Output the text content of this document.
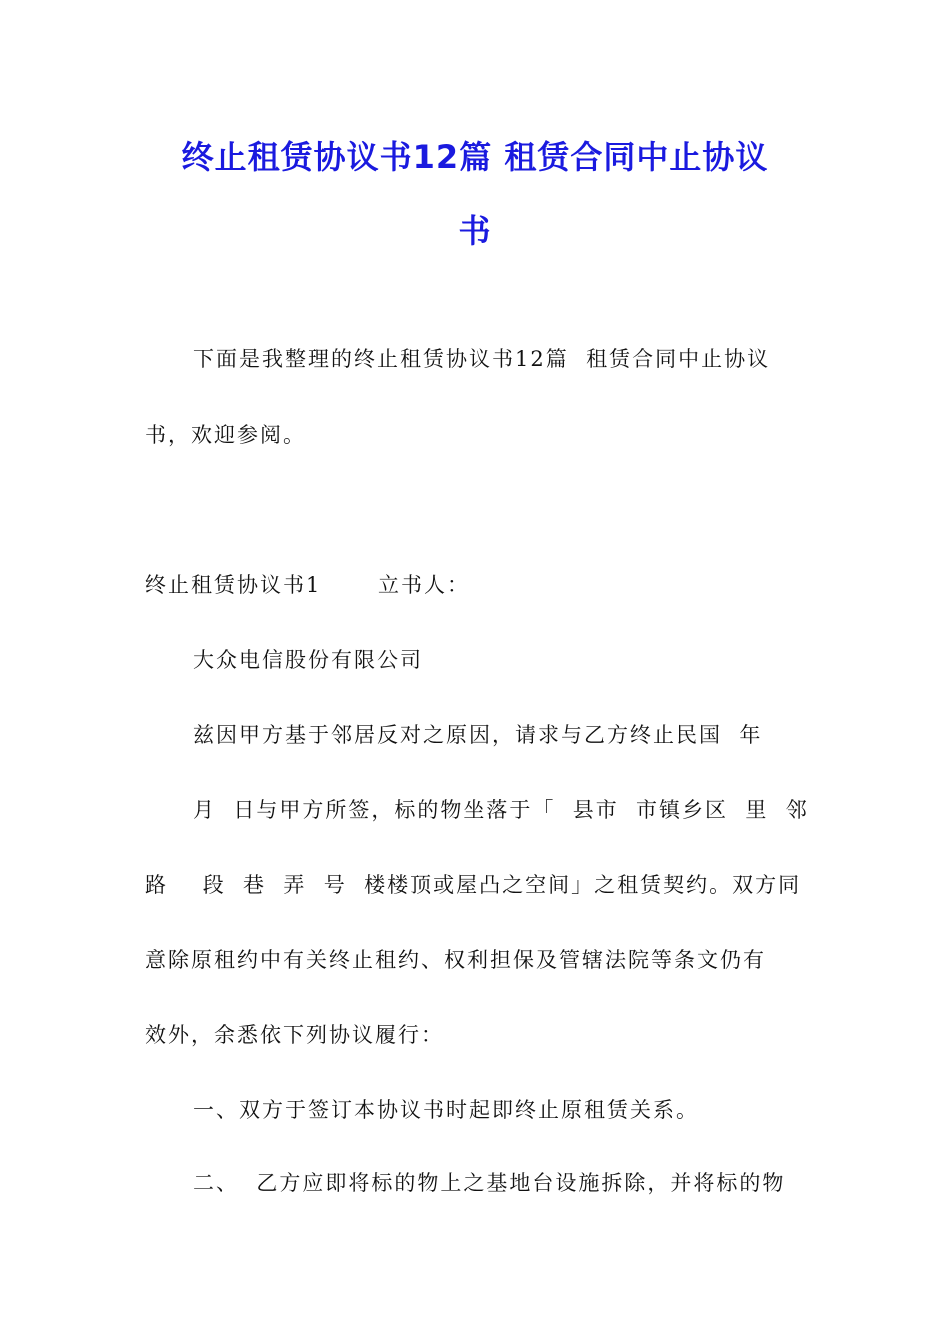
终止租赁协议书12篇 租赁合同中止协议
书
下面是我整理的终止租赁协议书12篇  租赁合同中止协议
书，欢迎参阅。
终止租赁协议书1	立书人：
大众电信股份有限公司
兹因甲方基于邻居反对之原因，请求与乙方终止民国  年
月  日与甲方所签，标的物坐落于「  县市  市镇乡区  里  邻
路    段  巷  弄  号  楼楼顶或屋凸之空间」之租赁契约。双方同
意除原租约中有关终止租约、权利担保及管辖法院等条文仍有
效外，余悉依下列协议履行：
一、双方于签订本协议书时起即终止原租赁关系。
二、  乙方应即将标的物上之基地台设施拆除，并将标的物
